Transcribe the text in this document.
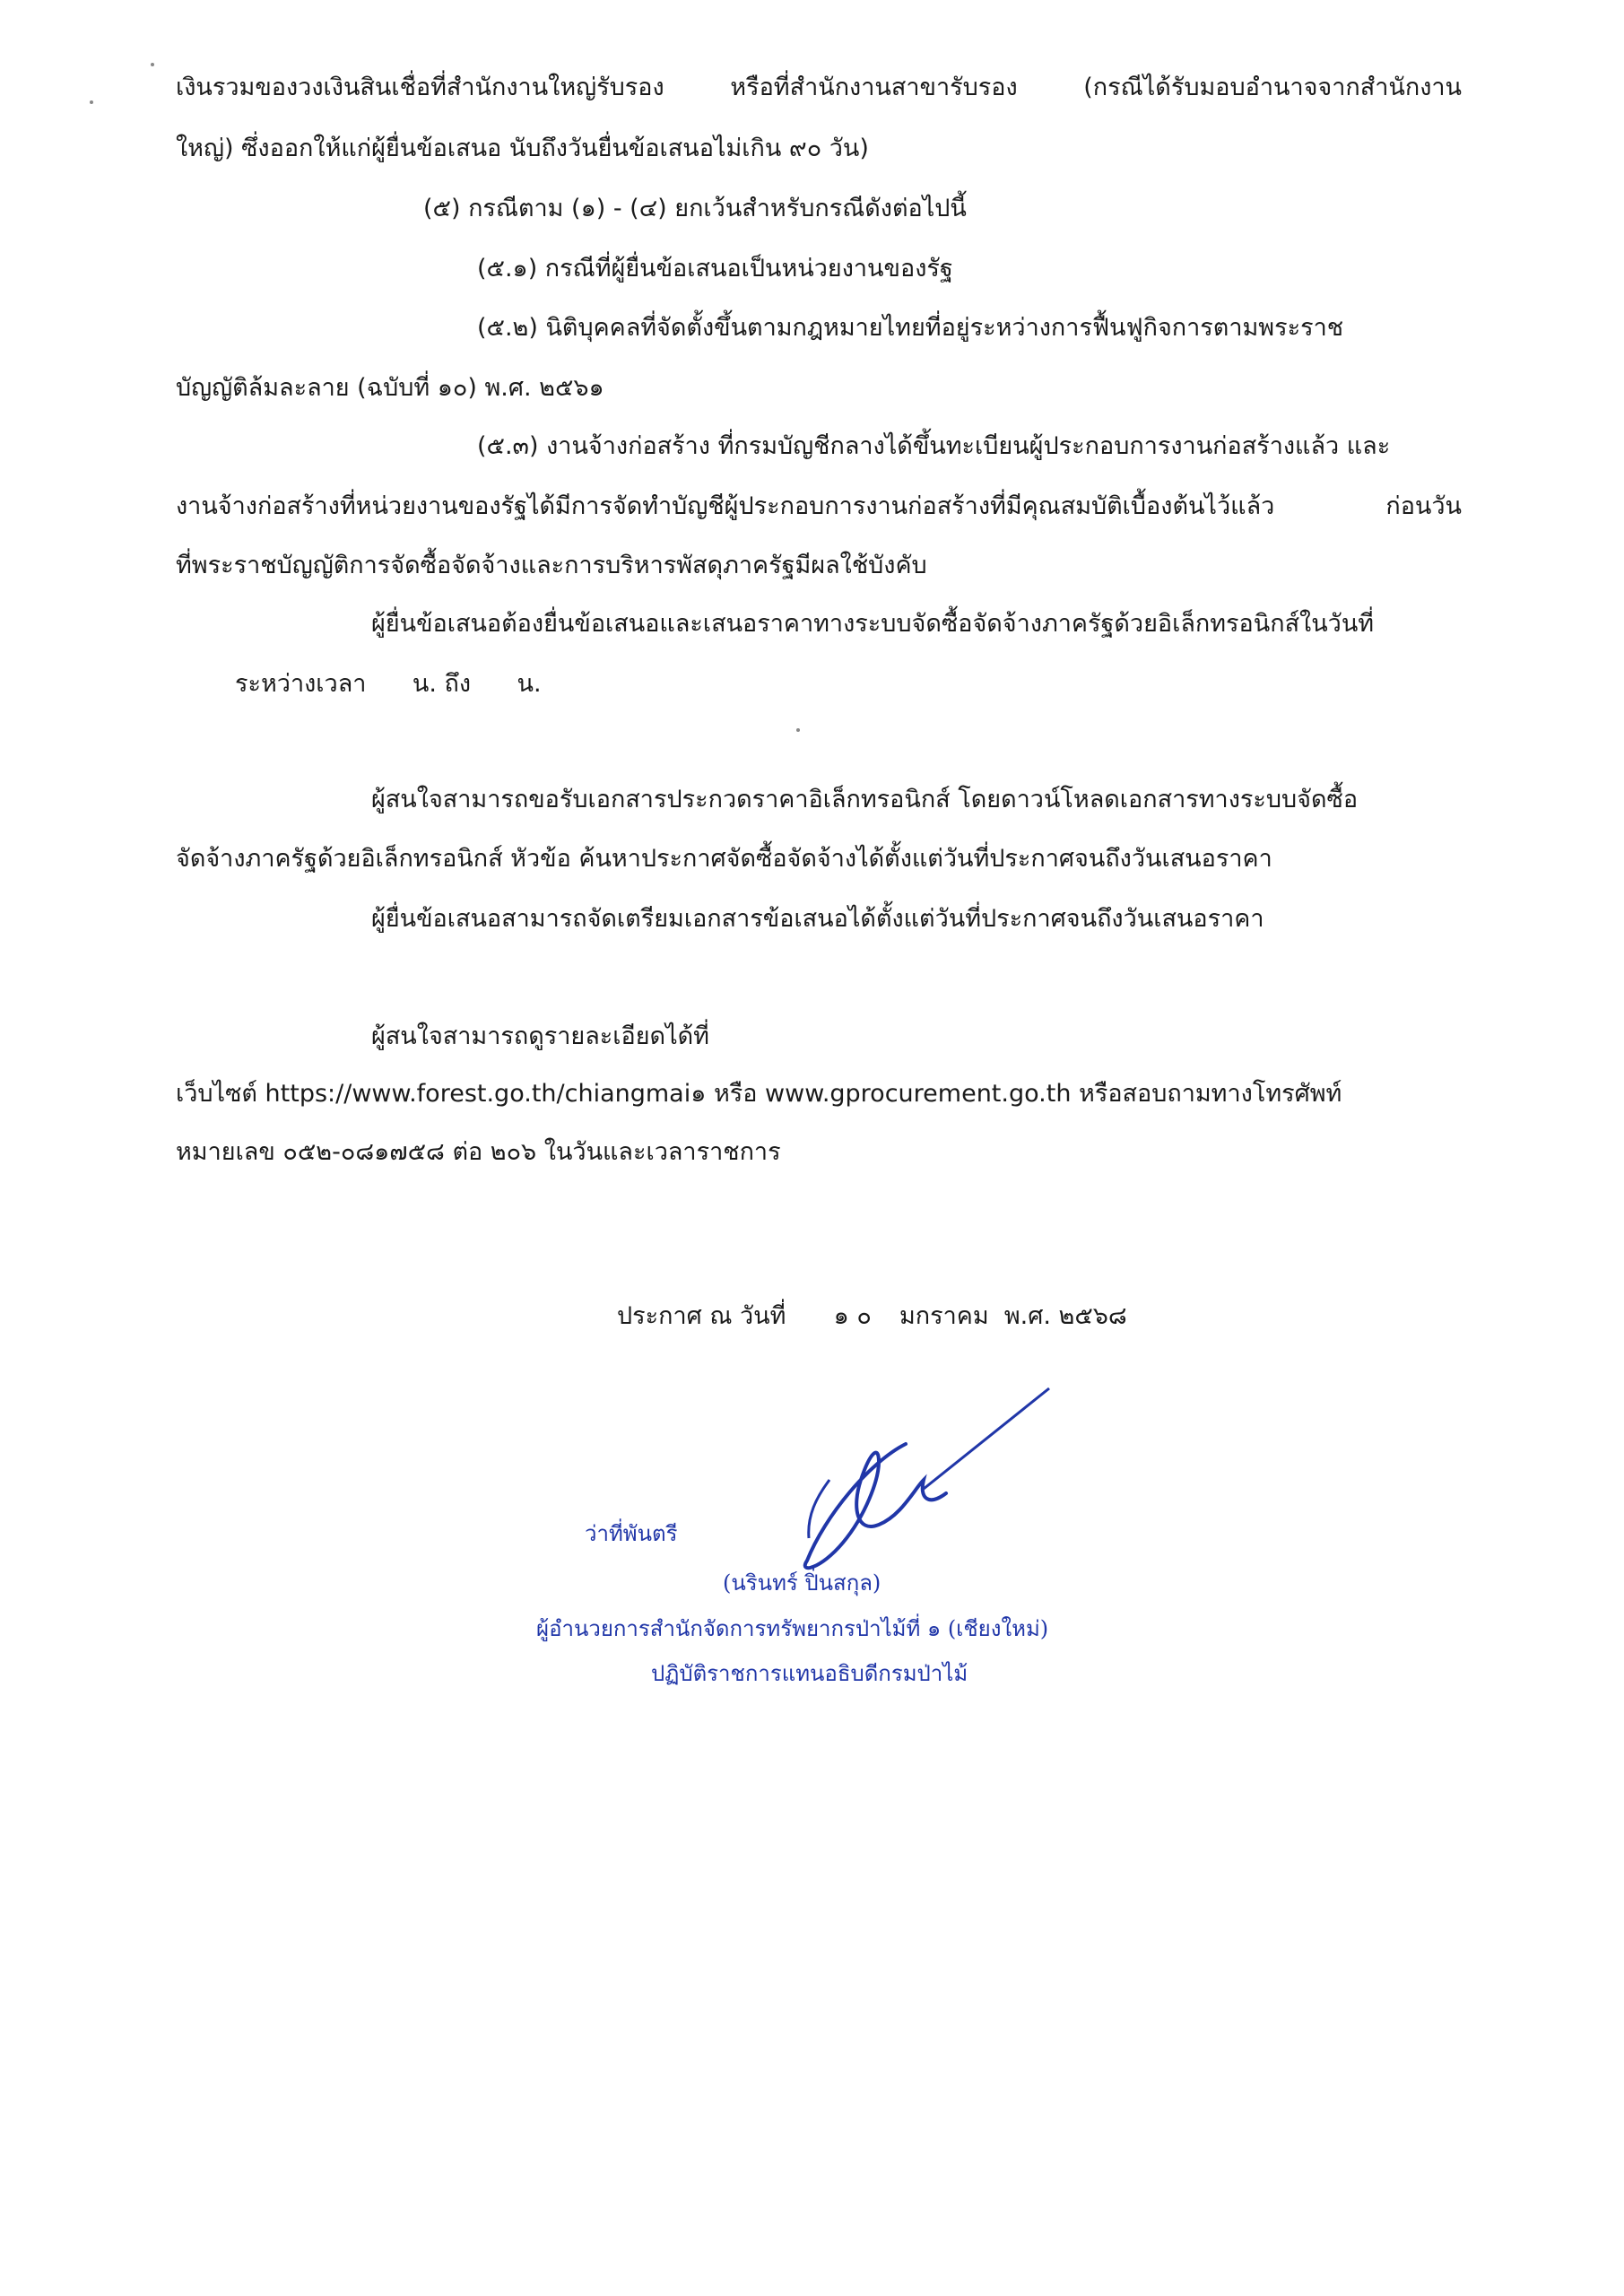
เงินรวมของวงเงินสินเชื่อที่สำนักงานใหญ่รับรอง หรือที่สำนักงานสาขารับรอง (กรณีได้รับมอบอำนาจจากสำนักงาน
ใหญ่) ซึ่งออกให้แก่ผู้ยื่นข้อเสนอ นับถึงวันยื่นข้อเสนอไม่เกิน ๙๐ วัน)
(๕) กรณีตาม (๑) - (๔) ยกเว้นสำหรับกรณีดังต่อไปนี้
(๕.๑) กรณีที่ผู้ยื่นข้อเสนอเป็นหน่วยงานของรัฐ
(๕.๒) นิติบุคคลที่จัดตั้งขึ้นตามกฎหมายไทยที่อยู่ระหว่างการฟื้นฟูกิจการตามพระราช
บัญญัติล้มละลาย (ฉบับที่ ๑๐) พ.ศ. ๒๕๖๑
(๕.๓) งานจ้างก่อสร้าง ที่กรมบัญชีกลางได้ขึ้นทะเบียนผู้ประกอบการงานก่อสร้างแล้ว และ
งานจ้างก่อสร้างที่หน่วยงานของรัฐได้มีการจัดทำบัญชีผู้ประกอบการงานก่อสร้างที่มีคุณสมบัติเบื้องต้นไว้แล้ว ก่อนวัน
ที่พระราชบัญญัติการจัดซื้อจัดจ้างและการบริหารพัสดุภาครัฐมีผลใช้บังคับ
ผู้ยื่นข้อเสนอต้องยื่นข้อเสนอและเสนอราคาทางระบบจัดซื้อจัดจ้างภาครัฐด้วยอิเล็กทรอนิกส์ในวันที่
ระหว่างเวลา      น. ถึง      น.
ผู้สนใจสามารถขอรับเอกสารประกวดราคาอิเล็กทรอนิกส์ โดยดาวน์โหลดเอกสารทางระบบจัดซื้อ
จัดจ้างภาครัฐด้วยอิเล็กทรอนิกส์ หัวข้อ ค้นหาประกาศจัดซื้อจัดจ้างได้ตั้งแต่วันที่ประกาศจนถึงวันเสนอราคา
ผู้ยื่นข้อเสนอสามารถจัดเตรียมเอกสารข้อเสนอได้ตั้งแต่วันที่ประกาศจนถึงวันเสนอราคา
ผู้สนใจสามารถดูรายละเอียดได้ที่
เว็บไซต์ https://www.forest.go.th/chiangmai๑ หรือ www.gprocurement.go.th หรือสอบถามทางโทรศัพท์
หมายเลข ๐๕๒-๐๘๑๗๕๘ ต่อ ๒๐๖ ในวันและเวลาราชการ
ประกาศ ณ วันที่ ๑ ๐ มกราคม  พ.ศ. ๒๕๖๘
ว่าที่พันตรี
(นรินทร์ ปิ่นสกุล)
ผู้อำนวยการสำนักจัดการทรัพยากรป่าไม้ที่ ๑ (เชียงใหม่)
ปฏิบัติราชการแทนอธิบดีกรมป่าไม้
